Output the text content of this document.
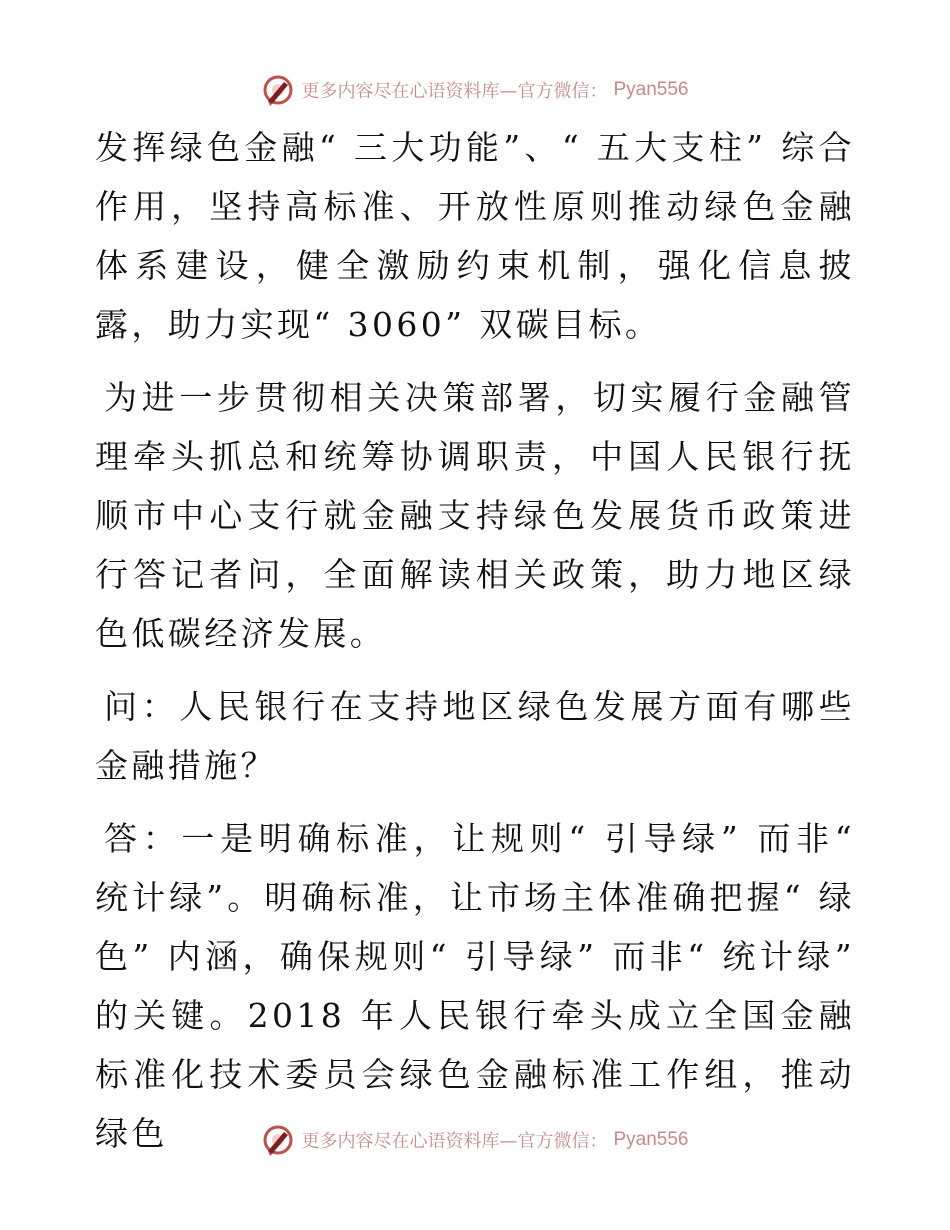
更多内容尽在心语资料库—官方微信： Pyan556

发挥绿色金融“ 三大功能”、“ 五大支柱” 综合作用，坚持高标准、开放性原则推动绿色金融体系建设，健全激励约束机制，强化信息披露，助力实现“ 3060” 双碳目标。

为进一步贯彻相关决策部署，切实履行金融管理牵头抓总和统筹协调职责，中国人民银行抚顺市中心支行就金融支持绿色发展货币政策进行答记者问，全面解读相关政策，助力地区绿色低碳经济发展。

问：人民银行在支持地区绿色发展方面有哪些金融措施？

答：一是明确标准，让规则“ 引导绿” 而非“ 统计绿”。明确标准，让市场主体准确把握“ 绿色” 内涵，确保规则“ 引导绿” 而非“ 统计绿” 的关键。2018 年人民银行牵头成立全国金融标准化技术委员会绿色金融标准工作组，推动绿色	更多内容尽在心语资料库—官方微信： Pyan556
